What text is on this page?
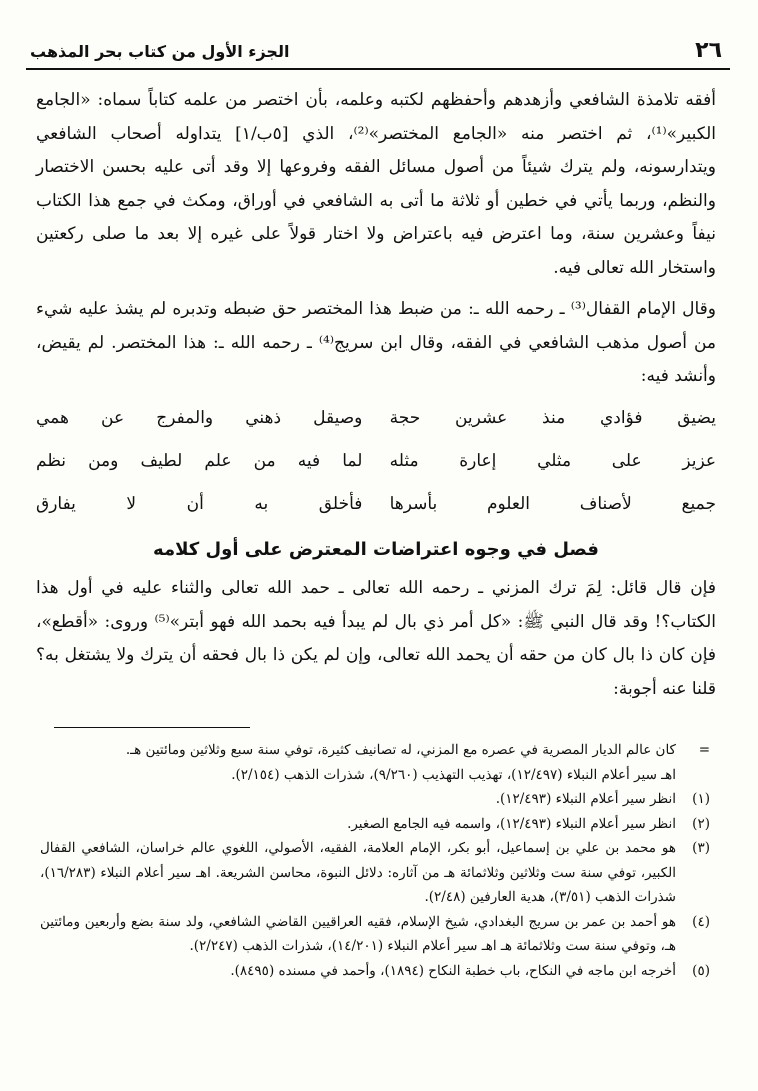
٢٦
الجزء الأول من كتاب بحر المذهب

أفقه تلامذة الشافعي وأزهدهم وأحفظهم لكتبه وعلمه، بأن اختصر من علمه كتاباً سماه: «الجامع الكبير»⁽¹⁾، ثم اختصر منه «الجامع المختصر»⁽²⁾، الذي [٥ب/١] يتداوله أصحاب الشافعي ويتدارسونه، ولم يترك شيئاً من أصول مسائل الفقه وفروعها إلا وقد أتى عليه بحسن الاختصار والنظم، وربما يأتي في خطين أو ثلاثة ما أتى به الشافعي في أوراق، ومكث في جمع هذا الكتاب نيفاً وعشرين سنة، وما اعترض فيه باعتراض ولا اختار قولاً على غيره إلا بعد ما صلى ركعتين واستخار الله تعالى فيه.

وقال الإمام القفال⁽³⁾ ـ رحمه الله ـ: من ضبط هذا المختصر حق ضبطه وتدبره لم يشذ عليه شيء من أصول مذهب الشافعي في الفقه، وقال ابن سريج⁽⁴⁾ ـ رحمه الله ـ: هذا المختصر. لم يقيض، وأنشد فيه:

يضيق فؤادي منذ عشرين حجة
وصيقل ذهني والمفرج عن همي
عزيز على مثلي إعارة مثله
لما فيه من علم لطيف ومن نظم
جميع لأصناف العلوم بأسرها
فأخلق به أن لا يفارق
فصل في وجوه اعتراضات المعترض على أول كلامه

فإن قال قائل: لِمَ ترك المزني ـ رحمه الله تعالى ـ حمد الله تعالى والثناء عليه في أول هذا الكتاب؟! وقد قال النبي ﷺ: «كل أمر ذي بال لم يبدأ فيه بحمد الله فهو أبتر»⁽⁵⁾ وروى: «أقطع»، فإن كان ذا بال كان من حقه أن يحمد الله تعالى، وإن لم يكن ذا بال فحقه أن يترك ولا يشتغل به؟ قلنا عنه أجوبة:

=
كان عالم الديار المصرية في عصره مع المزني، له تصانيف كثيرة، توفي سنة سبع وثلاثين ومائتين هـ.
اهـ سير أعلام النبلاء (١٢/٤٩٧)، تهذيب التهذيب (٩/٢٦٠)، شذرات الذهب (٢/١٥٤).
(١)
انظر سير أعلام النبلاء (١٢/٤٩٣).
(٢)
انظر سير أعلام النبلاء (١٢/٤٩٣)، واسمه فيه الجامع الصغير.
(٣)
هو محمد بن علي بن إسماعيل، أبو بكر، الإمام العلامة، الفقيه، الأصولي، اللغوي عالم خراسان، الشافعي القفال الكبير، توفي سنة ست وثلاثين وثلاثمائة هـ من آثاره: دلائل النبوة، محاسن الشريعة. اهـ سير أعلام النبلاء (١٦/٢٨٣)، شذرات الذهب (٣/٥١)، هدية العارفين (٢/٤٨).
(٤)
هو أحمد بن عمر بن سريج البغدادي، شيخ الإسلام، فقيه العراقيين القاضي الشافعي، ولد سنة بضع وأربعين ومائتين هـ، وتوفي سنة ست وثلاثمائة هـ اهـ سير أعلام النبلاء (١٤/٢٠١)، شذرات الذهب (٢/٢٤٧).
(٥)
أخرجه ابن ماجه في النكاح، باب خطبة النكاح (١٨٩٤)، وأحمد في مسنده (٨٤٩٥).
